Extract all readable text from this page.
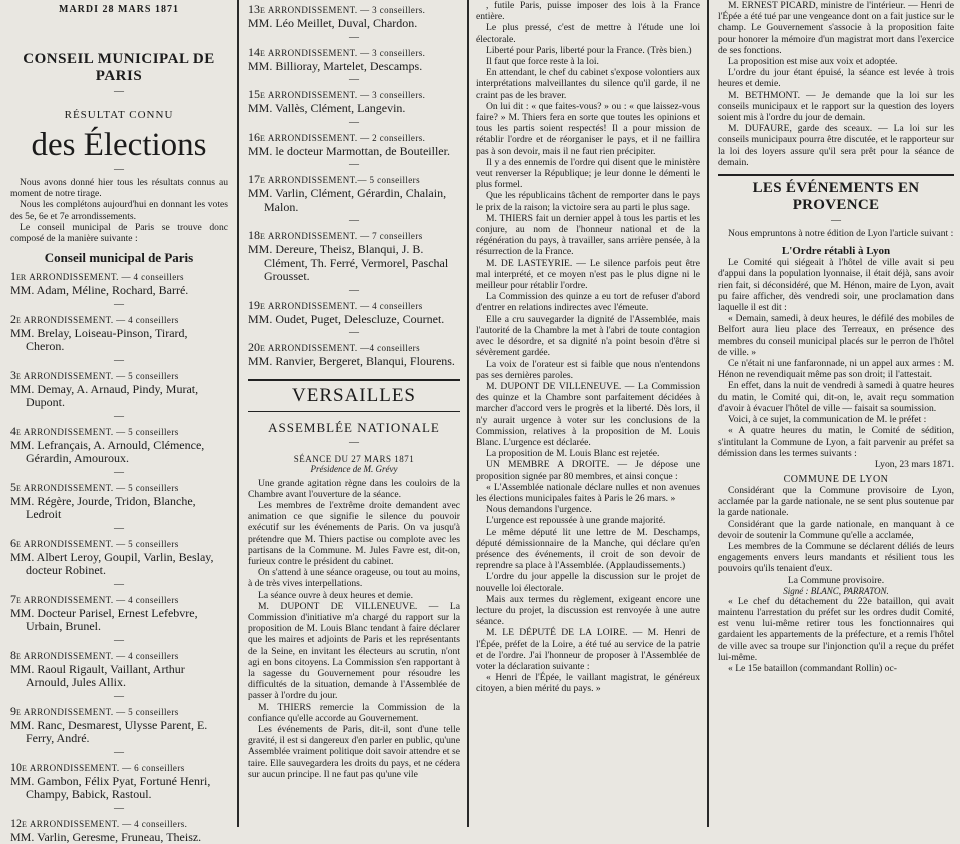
MARDI 28 MARS 1871

CONSEIL MUNICIPAL DE PARIS

—

RÉSULTAT CONNU

des Élections

—

Nous avons donné hier tous les résultats connus au moment de notre tirage.

Nous les complétons aujourd'hui en donnant les votes des 5e, 6e et 7e arrondissements.

Le conseil municipal de Paris se trouve donc composé de la manière suivante :

Conseil municipal de Paris

1er ARRONDISSEMENT. — 4 conseillers

MM. Adam, Méline, Rochard, Barré.

—

2e ARRONDISSEMENT. — 4 conseillers

MM. Brelay, Loiseau-Pinson, Tirard, Cheron.

—

3e ARRONDISSEMENT. — 5 conseillers

MM. Demay, A. Arnaud, Pindy, Murat, Dupont.

—

4e ARRONDISSEMENT. — 5 conseillers

MM. Lefrançais, A. Arnould, Clémence, Gérardin, Amouroux.

—

5e ARRONDISSEMENT. — 5 conseillers

MM. Régère, Jourde, Tridon, Blanche, Ledroit

—

6e ARRONDISSEMENT. — 5 conseillers

MM. Albert Leroy, Goupil, Varlin, Beslay, docteur Robinet.

—

7e ARRONDISSEMENT. — 4 conseillers

MM. Docteur Parisel, Ernest Lefebvre, Urbain, Brunel.

—

8e ARRONDISSEMENT. — 4 conseillers

MM. Raoul Rigault, Vaillant, Arthur Arnould, Jules Allix.

—

9e ARRONDISSEMENT. — 5 conseillers

MM. Ranc, Desmarest, Ulysse Parent, E. Ferry, André.

—

10e ARRONDISSEMENT. — 6 conseillers

MM. Gambon, Félix Pyat, Fortuné Henri, Champy, Babick, Rastoul.

—

12e ARRONDISSEMENT. — 4 conseillers.

MM. Varlin, Geresme, Fruneau, Theisz.

13e ARRONDISSEMENT. — 3 conseillers.

MM. Léo Meillet, Duval, Chardon.

—

14e ARRONDISSEMENT. — 3 conseillers.

MM. Billioray, Martelet, Descamps.

—

15e ARRONDISSEMENT. — 3 conseillers.

MM. Vallès, Clément, Langevin.

—

16e ARRONDISSEMENT. — 2 conseillers.

MM. le docteur Marmottan, de Bouteiller.

—

17e ARRONDISSEMENT.— 5 conseillers

MM. Varlin, Clément, Gérardin, Chalain, Malon.

—

18e ARRONDISSEMENT. — 7 conseillers

MM. Dereure, Theisz, Blanqui, J. B. Clément, Th. Ferré, Vermorel, Paschal Grousset.

—

19e ARRONDISSEMENT. — 4 conseillers

MM. Oudet, Puget, Delescluze, Cournet.

—

20e ARRONDISSEMENT. —4 conseillers

MM. Ranvier, Bergeret, Blanqui, Flourens.

VERSAILLES

ASSEMBLÉE NATIONALE

—

SÉANCE DU 27 MARS 1871

Présidence de M. Grévy

Une grande agitation règne dans les couloirs de la Chambre avant l'ouverture de la séance.

Les membres de l'extrême droite demandent avec animation ce que signifie le silence du pouvoir exécutif sur les événements de Paris. On va jusqu'à prétendre que M. Thiers pactise ou complote avec les partisans de la Commune. M. Jules Favre est, dit-on, furieux contre le président du cabinet.

On s'attend à une séance orageuse, ou tout au moins, à de très vives interpellations.

La séance ouvre à deux heures et demie.

M. DUPONT DE VILLENEUVE. — La Commission d'initiative m'a chargé du rapport sur la proposition de M. Louis Blanc tendant à faire déclarer que les maires et adjoints de Paris et les représentants de la Seine, en invitant les électeurs au scrutin, n'ont agi en bons citoyens. La Commission s'en rapportant à la sagesse du Gouvernement pour résoudre les difficultés de la situation, demande à l'Assemblée de passer à l'ordre du jour.

M. THIERS remercie la Commission de la confiance qu'elle accorde au Gouvernement.

Les événements de Paris, dit-il, sont d'une telle gravité, il est si dangereux d'en parler en public, qu'une Assemblée vraiment politique doit savoir attendre et se taire. Elle sauvegardera les droits du pays, et ne cédera sur aucun principe. Il ne faut pas qu'une vile

, futile Paris, puisse imposer des lois à la France entière.

Le plus pressé, c'est de mettre à l'étude une loi électorale.

Liberté pour Paris, liberté pour la France. (Très bien.)

Il faut que force reste à la loi.

En attendant, le chef du cabinet s'expose volontiers aux interprétations malveillantes du silence qu'il garde, il ne craint pas de les braver.

On lui dit : « que faites-vous? » ou : « que laissez-vous faire? » M. Thiers fera en sorte que toutes les opinions et tous les partis soient respectés! Il a pour mission de rétablir l'ordre et de réorganiser le pays, et il ne faillira pas à son devoir, mais il ne faut rien précipiter.

Il y a des ennemis de l'ordre qui disent que le ministère veut renverser la République; je leur donne le démenti le plus formel.

Que les républicains tâchent de remporter dans le pays le prix de la raison; la victoire sera au parti le plus sage.

M. THIERS fait un dernier appel à tous les partis et les conjure, au nom de l'honneur national et de la régénération du pays, à travailler, sans arrière pensée, à la résurrection de la France.

M. DE LASTEYRIE. — Le silence parfois peut être mal interprété, et ce moyen n'est pas le plus digne ni le meilleur pour rétablir l'ordre.

La Commission des quinze a eu tort de refuser d'abord d'entrer en relations indirectes avec l'émeute.

Elle a cru sauvegarder la dignité de l'Assemblée, mais l'autorité de la Chambre la met à l'abri de toute contagion avec le désordre, et sa dignité n'a point besoin d'être si sévèrement gardée.

La voix de l'orateur est si faible que nous n'entendons pas ses dernières paroles.

M. DUPONT DE VILLENEUVE. — La Commission des quinze et la Chambre sont parfaitement décidées à marcher d'accord vers le progrès et la liberté. Dès lors, il n'y aurait urgence à voter sur les conclusions de la Commission, relatives à la proposition de M. Louis Blanc. L'urgence est déclarée.

La proposition de M. Louis Blanc est rejetée.

UN MEMBRE A DROITE. — Je dépose une proposition signée par 80 membres, et ainsi conçue :

« L'Assemblée nationale déclare nulles et non avenues les élections municipales faites à Paris le 26 mars. »

Nous demandons l'urgence.

L'urgence est repoussée à une grande majorité.

Le même député lit une lettre de M. Deschamps, député démissionnaire de la Manche, qui déclare qu'en présence des événements, il croit de son devoir de reprendre sa place à l'Assemblée. (Applaudissements.)

L'ordre du jour appelle la discussion sur le projet de nouvelle loi électorale.

Mais aux termes du règlement, exigeant encore une lecture du projet, la discussion est renvoyée à une autre séance.

M. LE DÉPUTÉ DE LA LOIRE. — M. Henri de l'Épée, préfet de la Loire, a été tué au service de la patrie et de l'ordre. J'ai l'honneur de proposer à l'Assemblée de voter la déclaration suivante :

« Henri de l'Épée, le vaillant magistrat, le généreux citoyen, a bien mérité du pays. »

M. ERNEST PICARD, ministre de l'intérieur. — Henri de l'Épée a été tué par une vengeance dont on a fait justice sur le champ. Le Gouvernement s'associe à la proposition faite pour honorer la mémoire d'un magistrat mort dans l'exercice de ses fonctions.

La proposition est mise aux voix et adoptée.

L'ordre du jour étant épuisé, la séance est levée à trois heures et demie.

M. BETHMONT. — Je demande que la loi sur les conseils municipaux et le rapport sur la question des loyers soient mis à l'ordre du jour de demain.

M. DUFAURE, garde des sceaux. — La loi sur les conseils municipaux pourra être discutée, et le rapporteur sur la loi des loyers assure qu'il sera prêt pour la séance de demain.

LES ÉVÉNEMENTS EN PROVENCE

—

Nous empruntons à notre édition de Lyon l'article suivant :

L'Ordre rétabli à Lyon

Le Comité qui siégeait à l'hôtel de ville avait si peu d'appui dans la population lyonnaise, il était déjà, sans avoir rien fait, si déconsidéré, que M. Hénon, maire de Lyon, avait pu faire afficher, dès vendredi soir, une proclamation dans laquelle il est dit :

« Demain, samedi, à deux heures, le défilé des mobiles de Belfort aura lieu place des Terreaux, en présence des membres du conseil municipal placés sur le perron de l'hôtel de ville. »

Ce n'était ni une fanfaronnade, ni un appel aux armes : M. Hénon ne revendiquait même pas son droit; il l'attestait.

En effet, dans la nuit de vendredi à samedi à quatre heures du matin, le Comité qui, dit-on, le, avait reçu sommation d'avoir à évacuer l'hôtel de ville — faisait sa soumission.

Voici, à ce sujet, la communication de M. le préfet :

« A quatre heures du matin, le Comité de sédition, s'intitulant la Commune de Lyon, a fait parvenir au préfet sa démission dans les termes suivants :

Lyon, 23 mars 1871.

COMMUNE DE LYON

Considérant que la Commune provisoire de Lyon, acclamée par la garde nationale, ne se sent plus soutenue par la garde nationale.

Considérant que la garde nationale, en manquant à ce devoir de soutenir la Commune qu'elle a acclamée,

Les membres de la Commune se déclarent déliés de leurs engagements envers leurs mandants et résilient tous les pouvoirs qu'ils tenaient d'eux.

La Commune provisoire.

Signé : BLANC, PARRATON.

« Le chef du détachement du 22e bataillon, qui avait maintenu l'arrestation du préfet sur les ordres dudit Comité, est venu lui-même retirer tous les fonctionnaires qui gardaient les appartements de la préfecture, et a remis l'hôtel de ville avec sa troupe sur l'injonction qu'il a reçue du préfet lui-même.

« Le 15e bataillon (commandant Rollin) oc-
